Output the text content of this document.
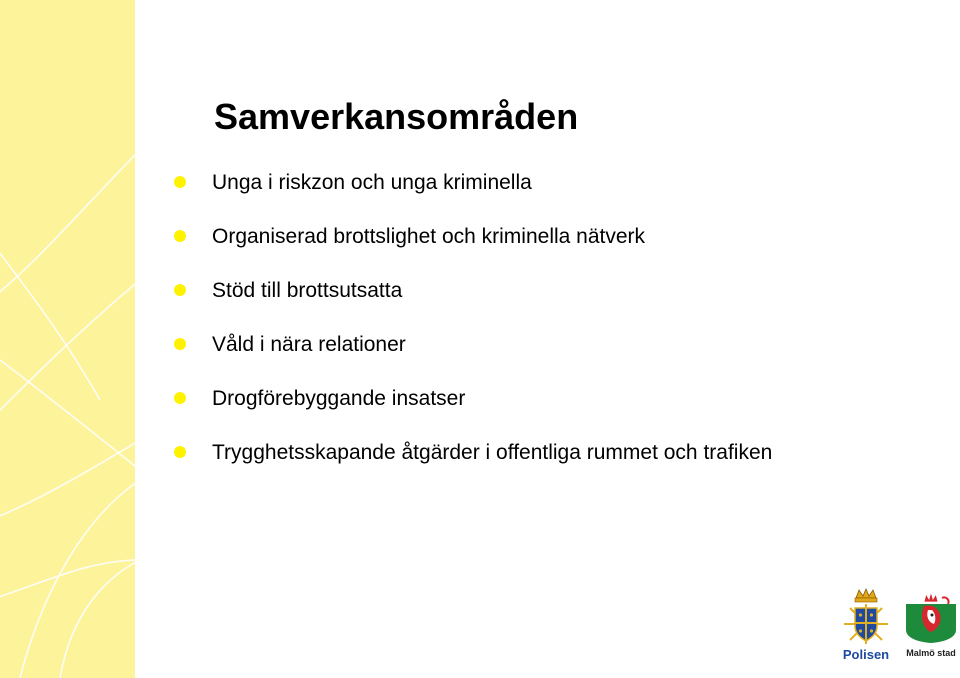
Samverkansområden
Unga i riskzon och unga kriminella
Organiserad brottslighet och kriminella nätverk
Stöd till brottsutsatta
Våld i nära relationer
Drogförebyggande insatser
Trygghetsskapande åtgärder i offentliga rummet och trafiken
Polisen	Malmö stad
